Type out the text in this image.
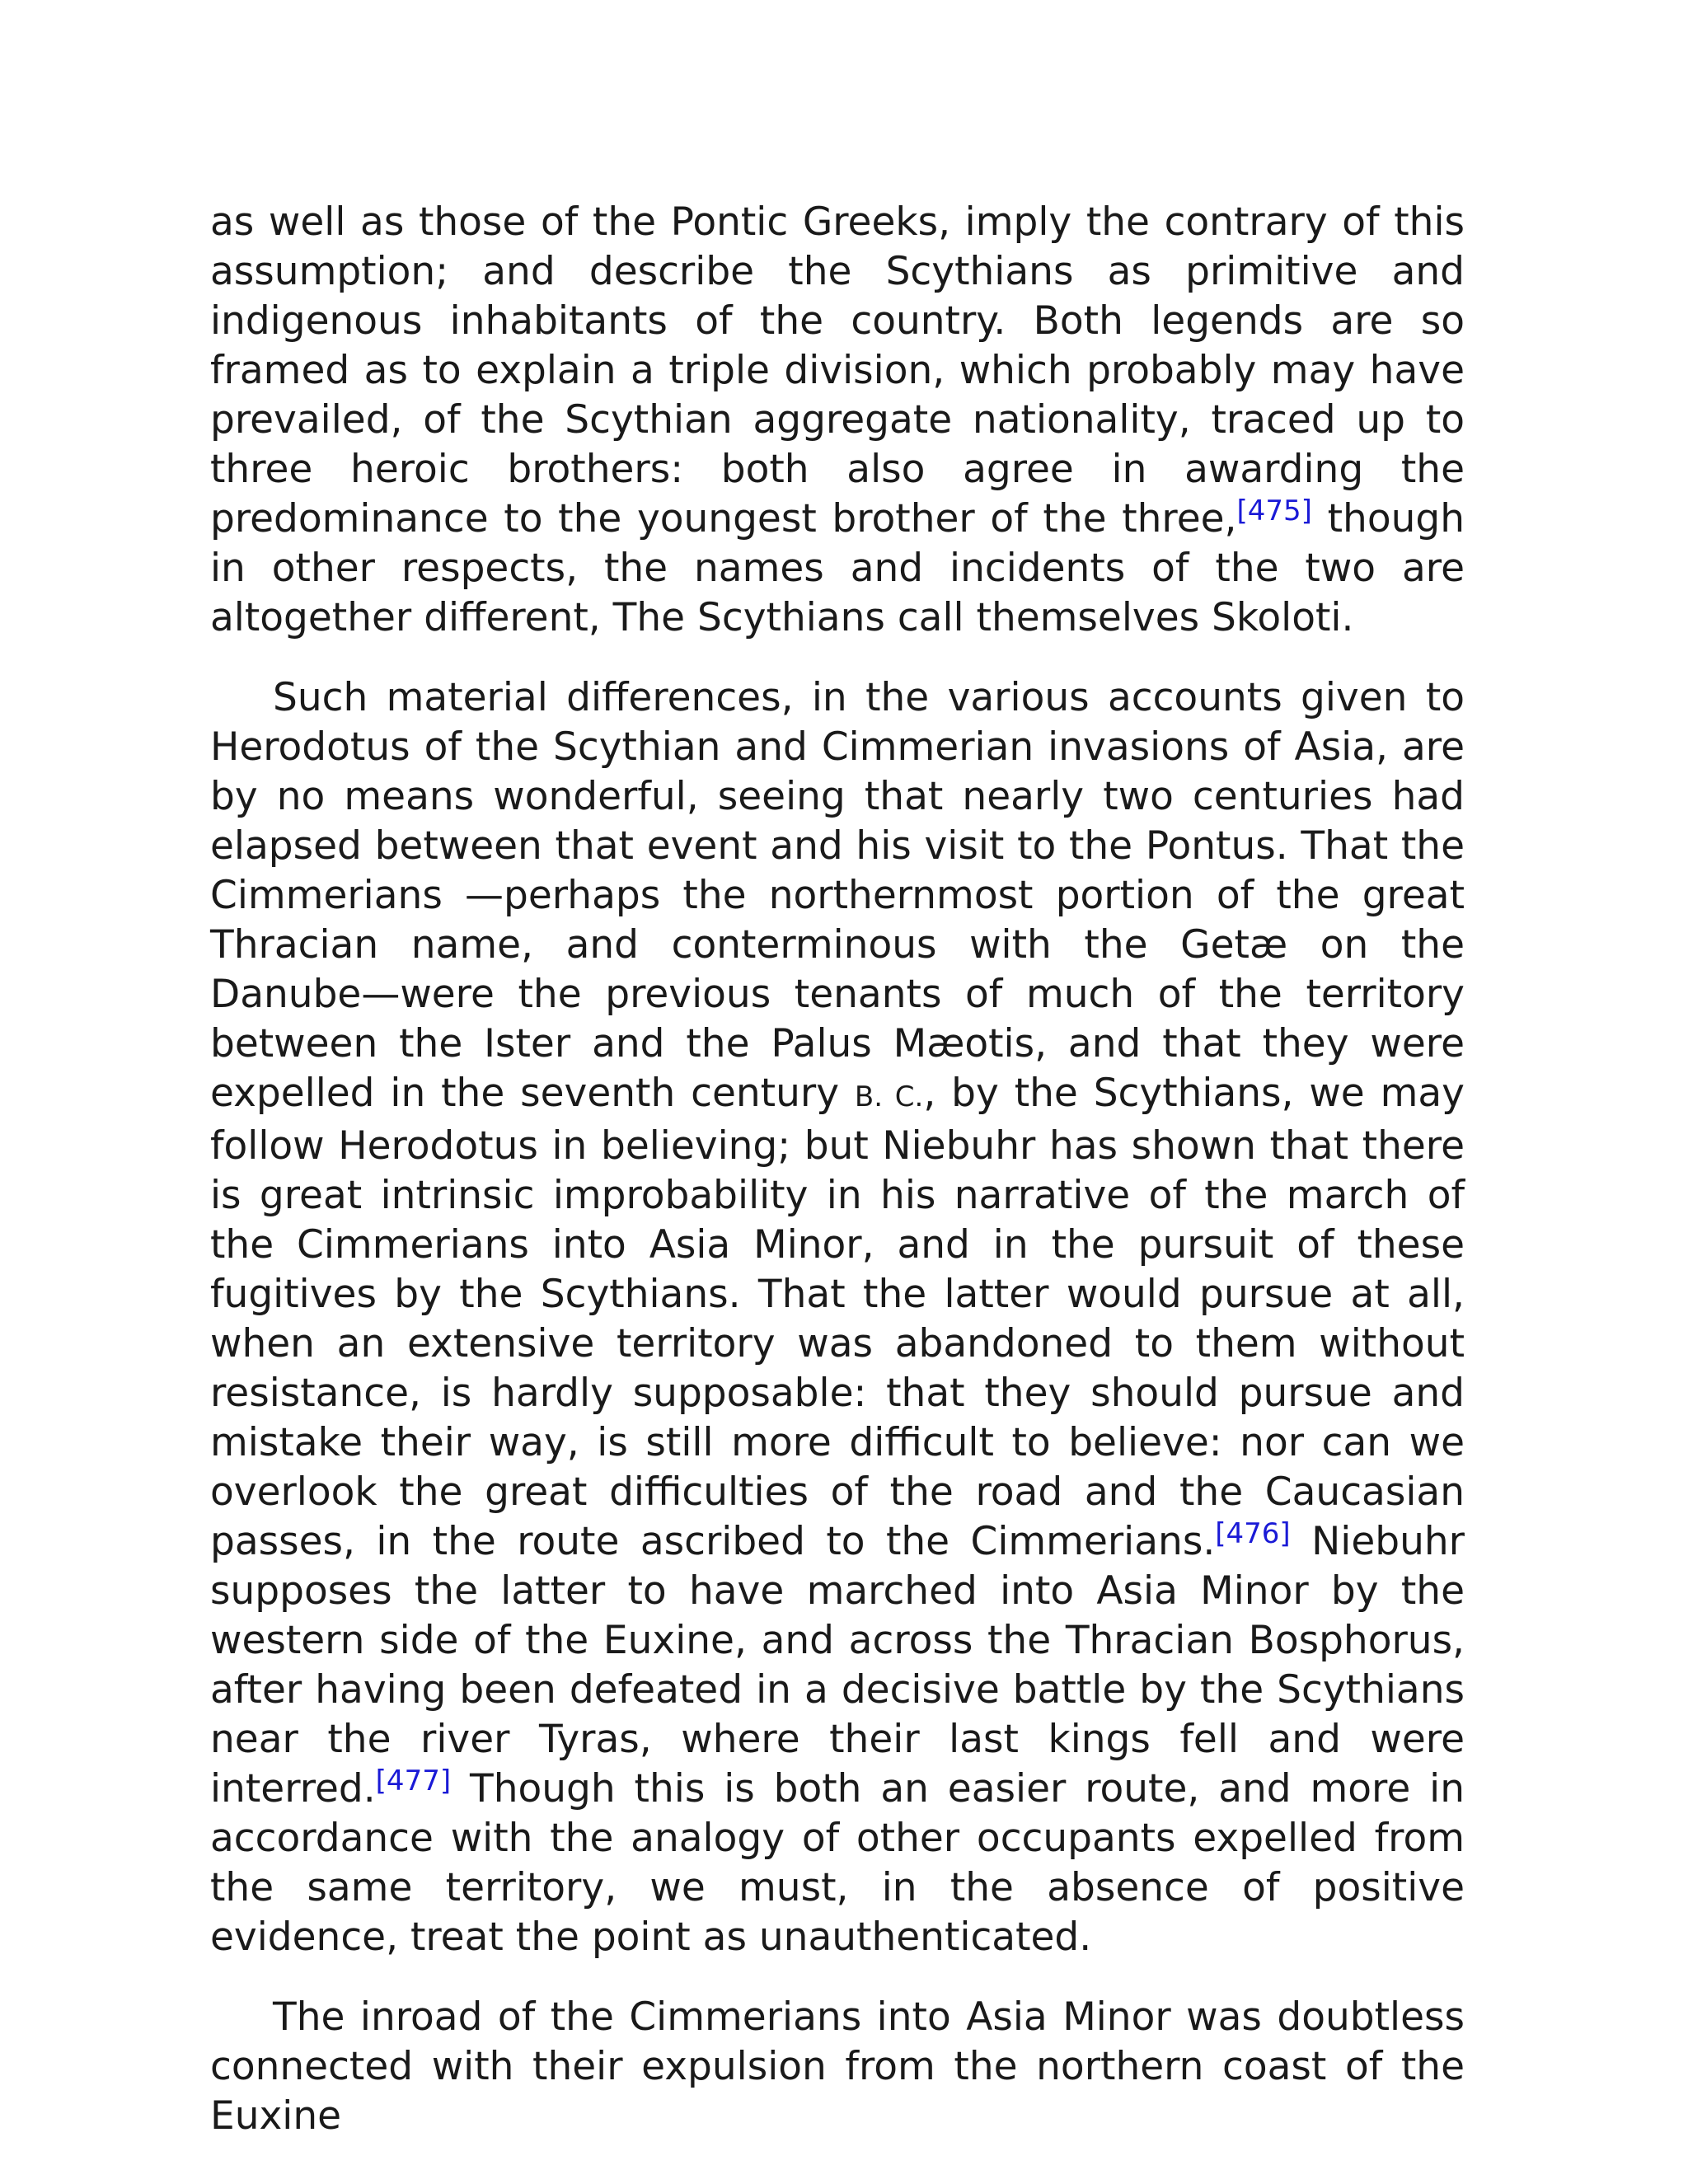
as well as those of the Pontic Greeks, imply the contrary of this assumption; and describe the Scythians as primitive and indigenous inhabitants of the country. Both legends are so framed as to explain a triple division, which probably may have prevailed, of the Scythian aggregate nationality, traced up to three heroic brothers: both also agree in awarding the predominance to the youngest brother of the three,[475] though in other respects, the names and incidents of the two are altogether different, The Scythians call themselves Skoloti.

Such material differences, in the various accounts given to Herodotus of the Scythian and Cimmerian invasions of Asia, are by no means wonderful, seeing that nearly two centuries had elapsed between that event and his visit to the Pontus. That the Cimmerians —perhaps the northernmost portion of the great Thracian name, and conterminous with the Getæ on the Danube—were the previous tenants of much of the territory between the Ister and the Palus Mæotis, and that they were expelled in the seventh century B. C., by the Scythians, we may follow Herodotus in believing; but Niebuhr has shown that there is great intrinsic improbability in his narrative of the march of the Cimmerians into Asia Minor, and in the pursuit of these fugitives by the Scythians. That the latter would pursue at all, when an extensive territory was abandoned to them without resistance, is hardly supposable: that they should pursue and mistake their way, is still more difficult to believe: nor can we overlook the great difficulties of the road and the Caucasian passes, in the route ascribed to the Cimmerians.[476] Niebuhr supposes the latter to have marched into Asia Minor by the western side of the Euxine, and across the Thracian Bosphorus, after having been defeated in a decisive battle by the Scythians near the river Tyras, where their last kings fell and were interred.[477] Though this is both an easier route, and more in accordance with the analogy of other occupants expelled from the same territory, we must, in the absence of positive evidence, treat the point as unauthenticated.

The inroad of the Cimmerians into Asia Minor was doubtless connected with their expulsion from the northern coast of the Euxine
